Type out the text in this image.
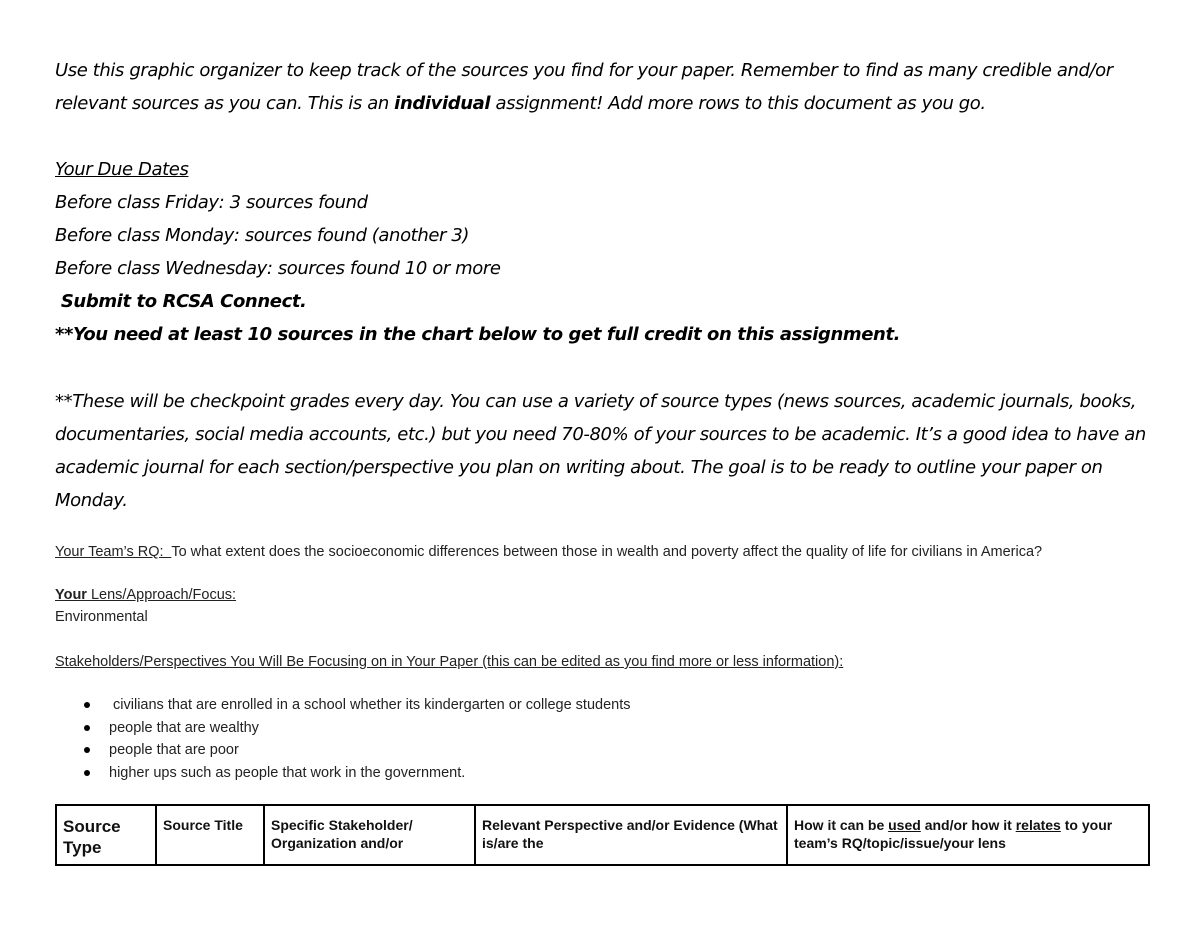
Use this graphic organizer to keep track of the sources you find for your paper. Remember to find as many credible and/or relevant sources as you can. This is an individual assignment! Add more rows to this document as you go.

Your Due Dates
Before class Friday: 3 sources found
Before class Monday: sources found (another 3)
Before class Wednesday: sources found 10 or more
Submit to RCSA Connect.
**You need at least 10 sources in the chart below to get full credit on this assignment.

**These will be checkpoint grades every day. You can use a variety of source types (news sources, academic journals, books, documentaries, social media accounts, etc.) but you need 70-80% of your sources to be academic. It’s a good idea to have an academic journal for each section/perspective you plan on writing about. The goal is to be ready to outline your paper on Monday.

Your Team’s RQ:  To what extent does the socioeconomic differences between those in wealth and poverty affect the quality of life for civilians in America?
Your Lens/Approach/Focus:
Environmental
Stakeholders/Perspectives You Will Be Focusing on in Your Paper (this can be edited as you find more or less information):
civilians that are enrolled in a school whether its kindergarten or college students
people that are wealthy
people that are poor
higher ups such as people that work in the government.
Source Type	Source Title	Specific Stakeholder/ Organization and/or	Relevant Perspective and/or Evidence (What is/are the	How it can be used and/or how it relates to your team’s RQ/topic/issue/your lens
